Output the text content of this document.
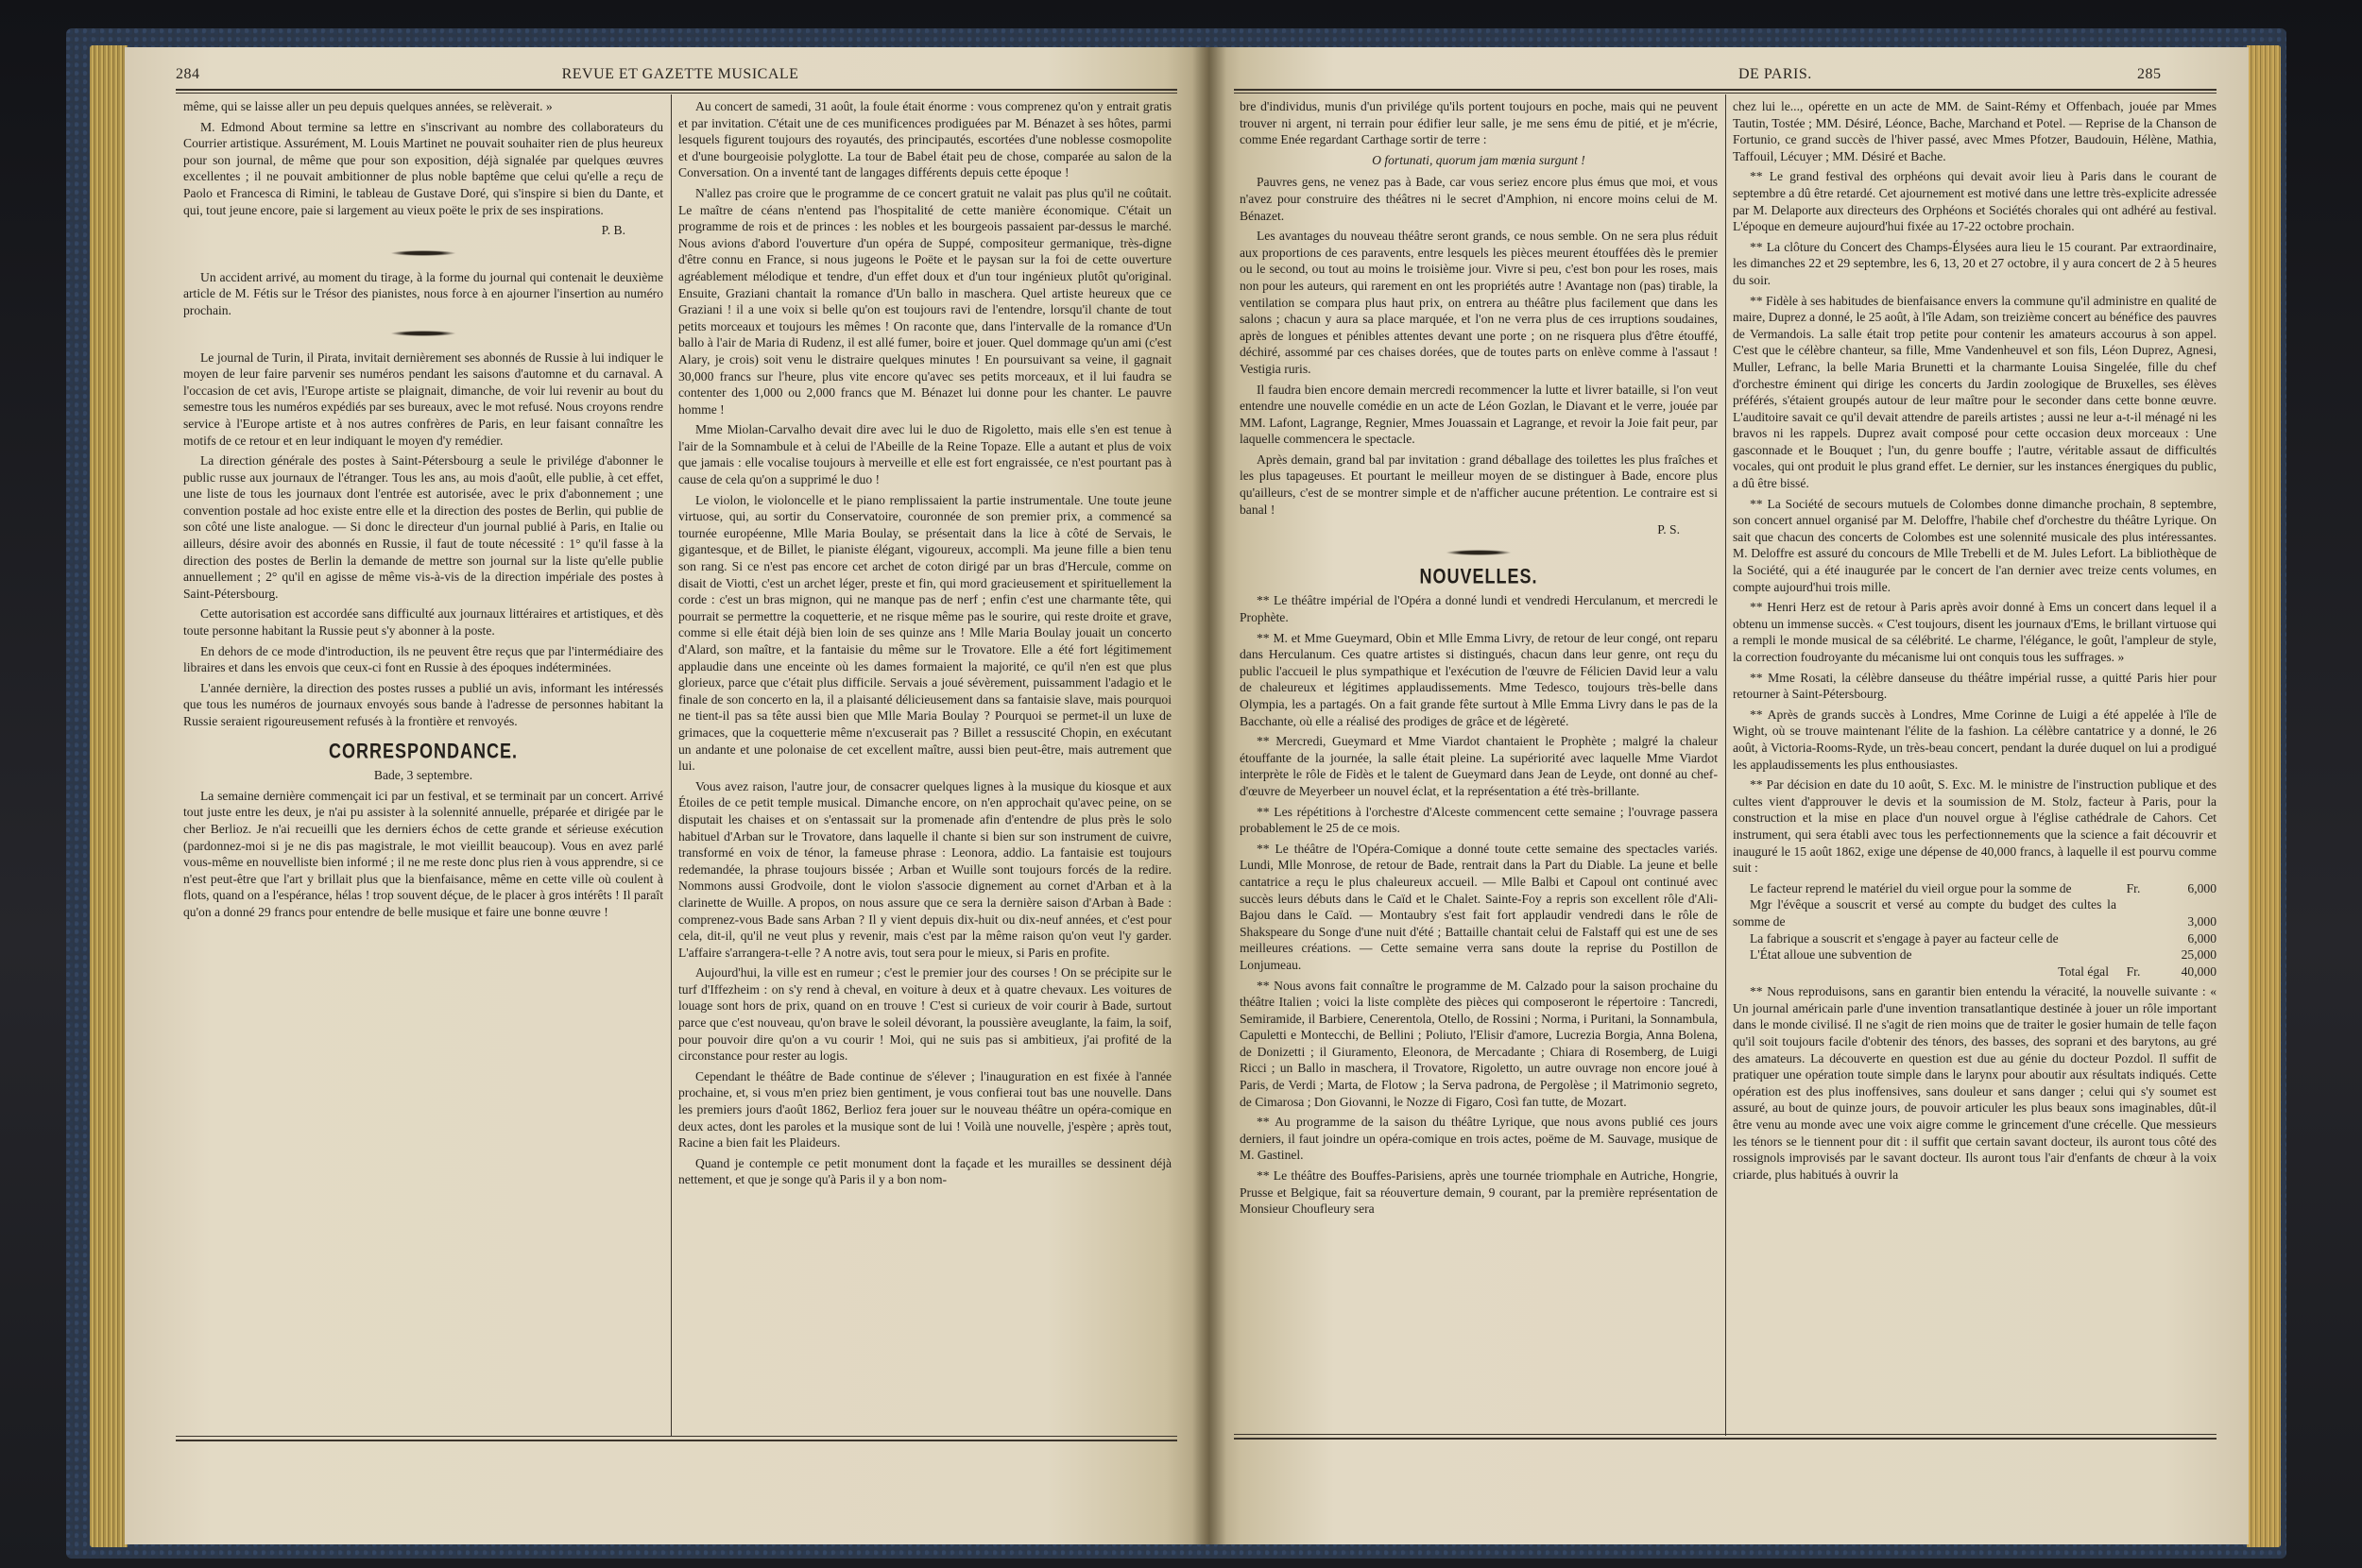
284	REVUE ET GAZETTE MUSICALE	DE PARIS.	285

même, qui se laisse aller un peu depuis quelques années, se relèverait. »

M. Edmond About termine sa lettre en s'inscrivant au nombre des collaborateurs du Courrier artistique. Assurément, M. Louis Martinet ne pouvait souhaiter rien de plus heureux pour son journal, de même que pour son exposition, déjà signalée par quelques œuvres excellentes ; il ne pouvait ambitionner de plus noble baptême que celui qu'elle a reçu de Paolo et Francesca di Rimini, le tableau de Gustave Doré, qui s'inspire si bien du Dante, et qui, tout jeune encore, paie si largement au vieux poëte le prix de ses inspirations.

P. B.

Un accident arrivé, au moment du tirage, à la forme du journal qui contenait le deuxième article de M. Fétis sur le Trésor des pianistes, nous force à en ajourner l'insertion au numéro prochain.

Le journal de Turin, il Pirata, invitait dernièrement ses abonnés de Russie à lui indiquer le moyen de leur faire parvenir ses numéros pendant les saisons d'automne et du carnaval. A l'occasion de cet avis, l'Europe artiste se plaignait, dimanche, de voir lui revenir au bout du semestre tous les numéros expédiés par ses bureaux, avec le mot refusé. Nous croyons rendre service à l'Europe artiste et à nos autres confrères de Paris, en leur faisant connaître les motifs de ce retour et en leur indiquant le moyen d'y remédier.

La direction générale des postes à Saint-Pétersbourg a seule le privilége d'abonner le public russe aux journaux de l'étranger. Tous les ans, au mois d'août, elle publie, à cet effet, une liste de tous les journaux dont l'entrée est autorisée, avec le prix d'abonnement ; une convention postale ad hoc existe entre elle et la direction des postes de Berlin, qui publie de son côté une liste analogue. — Si donc le directeur d'un journal publié à Paris, en Italie ou ailleurs, désire avoir des abonnés en Russie, il faut de toute nécessité : 1° qu'il fasse à la direction des postes de Berlin la demande de mettre son journal sur la liste qu'elle publie annuellement ; 2° qu'il en agisse de même vis-à-vis de la direction impériale des postes à Saint-Pétersbourg.

Cette autorisation est accordée sans difficulté aux journaux littéraires et artistiques, et dès toute personne habitant la Russie peut s'y abonner à la poste.

En dehors de ce mode d'introduction, ils ne peuvent être reçus que par l'intermédiaire des libraires et dans les envois que ceux-ci font en Russie à des époques indéterminées.

L'année dernière, la direction des postes russes a publié un avis, informant les intéressés que tous les numéros de journaux envoyés sous bande à l'adresse de personnes habitant la Russie seraient rigoureusement refusés à la frontière et renvoyés.

CORRESPONDANCE.

Bade, 3 septembre.

La semaine dernière commençait ici par un festival, et se terminait par un concert. Arrivé tout juste entre les deux, je n'ai pu assister à la solennité annuelle, préparée et dirigée par le cher Berlioz. Je n'ai recueilli que les derniers échos de cette grande et sérieuse exécution (pardonnez-moi si je ne dis pas magistrale, le mot vieillit beaucoup). Vous en avez parlé vous-même en nouvelliste bien informé ; il ne me reste donc plus rien à vous apprendre, si ce n'est peut-être que l'art y brillait plus que la bienfaisance, même en cette ville où coulent à flots, quand on a l'espérance, hélas ! trop souvent déçue, de le placer à gros intérêts ! Il paraît qu'on a donné 29 francs pour entendre de belle musique et faire une bonne œuvre !

Au concert de samedi, 31 août, la foule était énorme : vous comprenez qu'on y entrait gratis et par invitation. C'était une de ces munificences prodiguées par M. Bénazet à ses hôtes, parmi lesquels figurent toujours des royautés, des principautés, escortées d'une noblesse cosmopolite et d'une bourgeoisie polyglotte. La tour de Babel était peu de chose, comparée au salon de la Conversation. On a inventé tant de langages différents depuis cette époque !

N'allez pas croire que le programme de ce concert gratuit ne valait pas plus qu'il ne coûtait. Le maître de céans n'entend pas l'hospitalité de cette manière économique. C'était un programme de rois et de princes : les nobles et les bourgeois passaient par-dessus le marché. Nous avions d'abord l'ouverture d'un opéra de Suppé, compositeur germanique, très-digne d'être connu en France, si nous jugeons le Poëte et le paysan sur la foi de cette ouverture agréablement mélodique et tendre, d'un effet doux et d'un tour ingénieux plutôt qu'original. Ensuite, Graziani chantait la romance d'Un ballo in maschera. Quel artiste heureux que ce Graziani ! il a une voix si belle qu'on est toujours ravi de l'entendre, lorsqu'il chante de tout petits morceaux et toujours les mêmes ! On raconte que, dans l'intervalle de la romance d'Un ballo à l'air de Maria di Rudenz, il est allé fumer, boire et jouer. Quel dommage qu'un ami (c'est Alary, je crois) soit venu le distraire quelques minutes ! En poursuivant sa veine, il gagnait 30,000 francs sur l'heure, plus vite encore qu'avec ses petits morceaux, et il lui faudra se contenter des 1,000 ou 2,000 francs que M. Bénazet lui donne pour les chanter. Le pauvre homme !

Mme Miolan-Carvalho devait dire avec lui le duo de Rigoletto, mais elle s'en est tenue à l'air de la Somnambule et à celui de l'Abeille de la Reine Topaze. Elle a autant et plus de voix que jamais : elle vocalise toujours à merveille et elle est fort engraissée, ce n'est pourtant pas à cause de cela qu'on a supprimé le duo !

Le violon, le violoncelle et le piano remplissaient la partie instrumentale. Une toute jeune virtuose, qui, au sortir du Conservatoire, couronnée de son premier prix, a commencé sa tournée européenne, Mlle Maria Boulay, se présentait dans la lice à côté de Servais, le gigantesque, et de Billet, le pianiste élégant, vigoureux, accompli. Ma jeune fille a bien tenu son rang. Si ce n'est pas encore cet archet de coton dirigé par un bras d'Hercule, comme on disait de Viotti, c'est un archet léger, preste et fin, qui mord gracieusement et spirituellement la corde : c'est un bras mignon, qui ne manque pas de nerf ; enfin c'est une charmante tête, qui pourrait se permettre la coquetterie, et ne risque même pas le sourire, qui reste droite et grave, comme si elle était déjà bien loin de ses quinze ans ! Mlle Maria Boulay jouait un concerto d'Alard, son maître, et la fantaisie du même sur le Trovatore. Elle a été fort légitimement applaudie dans une enceinte où les dames formaient la majorité, ce qu'il n'en est que plus glorieux, parce que c'était plus difficile. Servais a joué sévèrement, puissamment l'adagio et le finale de son concerto en la, il a plaisanté délicieusement dans sa fantaisie slave, mais pourquoi ne tient-il pas sa tête aussi bien que Mlle Maria Boulay ? Pourquoi se permet-il un luxe de grimaces, que la coquetterie même n'excuserait pas ? Billet a ressuscité Chopin, en exécutant un andante et une polonaise de cet excellent maître, aussi bien peut-être, mais autrement que lui.

Vous avez raison, l'autre jour, de consacrer quelques lignes à la musique du kiosque et aux Étoiles de ce petit temple musical. Dimanche encore, on n'en approchait qu'avec peine, on se disputait les chaises et on s'entassait sur la promenade afin d'entendre de plus près le solo habituel d'Arban sur le Trovatore, dans laquelle il chante si bien sur son instrument de cuivre, transformé en voix de ténor, la fameuse phrase : Leonora, addio. La fantaisie est toujours redemandée, la phrase toujours bissée ; Arban et Wuille sont toujours forcés de la redire. Nommons aussi Grodvoile, dont le violon s'associe dignement au cornet d'Arban et à la clarinette de Wuille. A propos, on nous assure que ce sera la dernière saison d'Arban à Bade : comprenez-vous Bade sans Arban ? Il y vient depuis dix-huit ou dix-neuf années, et c'est pour cela, dit-il, qu'il ne veut plus y revenir, mais c'est par la même raison qu'on veut l'y garder. L'affaire s'arrangera-t-elle ? A notre avis, tout sera pour le mieux, si Paris en profite.

Aujourd'hui, la ville est en rumeur ; c'est le premier jour des courses ! On se précipite sur le turf d'Iffezheim : on s'y rend à cheval, en voiture à deux et à quatre chevaux. Les voitures de louage sont hors de prix, quand on en trouve ! C'est si curieux de voir courir à Bade, surtout parce que c'est nouveau, qu'on brave le soleil dévorant, la poussière aveuglante, la faim, la soif, pour pouvoir dire qu'on a vu courir ! Moi, qui ne suis pas si ambitieux, j'ai profité de la circonstance pour rester au logis.

Cependant le théâtre de Bade continue de s'élever ; l'inauguration en est fixée à l'année prochaine, et, si vous m'en priez bien gentiment, je vous confierai tout bas une nouvelle. Dans les premiers jours d'août 1862, Berlioz fera jouer sur le nouveau théâtre un opéra-comique en deux actes, dont les paroles et la musique sont de lui ! Voilà une nouvelle, j'espère ; après tout, Racine a bien fait les Plaideurs.

Quand je contemple ce petit monument dont la façade et les murailles se dessinent déjà nettement, et que je songe qu'à Paris il y a bon nom-

bre d'individus, munis d'un privilége qu'ils portent toujours en poche, mais qui ne peuvent trouver ni argent, ni terrain pour édifier leur salle, je me sens ému de pitié, et je m'écrie, comme Enée regardant Carthage sortir de terre :

O fortunati, quorum jam mœnia surgunt !

Pauvres gens, ne venez pas à Bade, car vous seriez encore plus émus que moi, et vous n'avez pour construire des théâtres ni le secret d'Amphion, ni encore moins celui de M. Bénazet.

Les avantages du nouveau théâtre seront grands, ce nous semble. On ne sera plus réduit aux proportions de ces paravents, entre lesquels les pièces meurent étouffées dès le premier ou le second, ou tout au moins le troisième jour. Vivre si peu, c'est bon pour les roses, mais non pour les auteurs, qui rarement en ont les propriétés autre ! Avantage non (pas) tirable, la ventilation se compara plus haut prix, on entrera au théâtre plus facilement que dans les salons ; chacun y aura sa place marquée, et l'on ne verra plus de ces irruptions soudaines, après de longues et pénibles attentes devant une porte ; on ne risquera plus d'être étouffé, déchiré, assommé par ces chaises dorées, que de toutes parts on enlève comme à l'assaut ! Vestigia ruris.

Il faudra bien encore demain mercredi recommencer la lutte et livrer bataille, si l'on veut entendre une nouvelle comédie en un acte de Léon Gozlan, le Diavant et le verre, jouée par MM. Lafont, Lagrange, Regnier, Mmes Jouassain et Lagrange, et revoir la Joie fait peur, par laquelle commencera le spectacle.

Après demain, grand bal par invitation : grand déballage des toilettes les plus fraîches et les plus tapageuses. Et pourtant le meilleur moyen de se distinguer à Bade, encore plus qu'ailleurs, c'est de se montrer simple et de n'afficher aucune prétention. Le contraire est si banal !

P. S.

NOUVELLES.

** Le théâtre impérial de l'Opéra a donné lundi et vendredi Herculanum, et mercredi le Prophète.

** M. et Mme Gueymard, Obin et Mlle Emma Livry, de retour de leur congé, ont reparu dans Herculanum. Ces quatre artistes si distingués, chacun dans leur genre, ont reçu du public l'accueil le plus sympathique et l'exécution de l'œuvre de Félicien David leur a valu de chaleureux et légitimes applaudissements. Mme Tedesco, toujours très-belle dans Olympia, les a partagés. On a fait grande fête surtout à Mlle Emma Livry dans le pas de la Bacchante, où elle a réalisé des prodiges de grâce et de légèreté.

** Mercredi, Gueymard et Mme Viardot chantaient le Prophète ; malgré la chaleur étouffante de la journée, la salle était pleine. La supériorité avec laquelle Mme Viardot interprète le rôle de Fidès et le talent de Gueymard dans Jean de Leyde, ont donné au chef-d'œuvre de Meyerbeer un nouvel éclat, et la représentation a été très-brillante.

** Les répétitions à l'orchestre d'Alceste commencent cette semaine ; l'ouvrage passera probablement le 25 de ce mois.

** Le théâtre de l'Opéra-Comique a donné toute cette semaine des spectacles variés. Lundi, Mlle Monrose, de retour de Bade, rentrait dans la Part du Diable. La jeune et belle cantatrice a reçu le plus chaleureux accueil. — Mlle Balbi et Capoul ont continué avec succès leurs débuts dans le Caïd et le Chalet. Sainte-Foy a repris son excellent rôle d'Ali-Bajou dans le Caïd. — Montaubry s'est fait fort applaudir vendredi dans le rôle de Shakspeare du Songe d'une nuit d'été ; Battaille chantait celui de Falstaff qui est une de ses meilleures créations. — Cette semaine verra sans doute la reprise du Postillon de Lonjumeau.

** Nous avons fait connaître le programme de M. Calzado pour la saison prochaine du théâtre Italien ; voici la liste complète des pièces qui composeront le répertoire : Tancredi, Semiramide, il Barbiere, Cenerentola, Otello, de Rossini ; Norma, i Puritani, la Sonnambula, Capuletti e Montecchi, de Bellini ; Poliuto, l'Elisir d'amore, Lucrezia Borgia, Anna Bolena, de Donizetti ; il Giuramento, Eleonora, de Mercadante ; Chiara di Rosemberg, de Luigi Ricci ; un Ballo in maschera, il Trovatore, Rigoletto, un autre ouvrage non encore joué à Paris, de Verdi ; Marta, de Flotow ; la Serva padrona, de Pergolèse ; il Matrimonio segreto, de Cimarosa ; Don Giovanni, le Nozze di Figaro, Così fan tutte, de Mozart.

** Au programme de la saison du théâtre Lyrique, que nous avons publié ces jours derniers, il faut joindre un opéra-comique en trois actes, poëme de M. Sauvage, musique de M. Gastinel.

** Le théâtre des Bouffes-Parisiens, après une tournée triomphale en Autriche, Hongrie, Prusse et Belgique, fait sa réouverture demain, 9 courant, par la première représentation de Monsieur Choufleury sera

chez lui le..., opérette en un acte de MM. de Saint-Rémy et Offenbach, jouée par Mmes Tautin, Tostée ; MM. Désiré, Léonce, Bache, Marchand et Potel. — Reprise de la Chanson de Fortunio, ce grand succès de l'hiver passé, avec Mmes Pfotzer, Baudouin, Hélène, Mathia, Taffouil, Lécuyer ; MM. Désiré et Bache.

** Le grand festival des orphéons qui devait avoir lieu à Paris dans le courant de septembre a dû être retardé. Cet ajournement est motivé dans une lettre très-explicite adressée par M. Delaporte aux directeurs des Orphéons et Sociétés chorales qui ont adhéré au festival. L'époque en demeure aujourd'hui fixée au 17-22 octobre prochain.

** La clôture du Concert des Champs-Élysées aura lieu le 15 courant. Par extraordinaire, les dimanches 22 et 29 septembre, les 6, 13, 20 et 27 octobre, il y aura concert de 2 à 5 heures du soir.

** Fidèle à ses habitudes de bienfaisance envers la commune qu'il administre en qualité de maire, Duprez a donné, le 25 août, à l'île Adam, son treizième concert au bénéfice des pauvres de Vermandois. La salle était trop petite pour contenir les amateurs accourus à son appel. C'est que le célèbre chanteur, sa fille, Mme Vandenheuvel et son fils, Léon Duprez, Agnesi, Muller, Lefranc, la belle Maria Brunetti et la charmante Louisa Singelée, fille du chef d'orchestre éminent qui dirige les concerts du Jardin zoologique de Bruxelles, ses élèves préférés, s'étaient groupés autour de leur maître pour le seconder dans cette bonne œuvre. L'auditoire savait ce qu'il devait attendre de pareils artistes ; aussi ne leur a-t-il ménagé ni les bravos ni les rappels. Duprez avait composé pour cette occasion deux morceaux : Une gasconnade et le Bouquet ; l'un, du genre bouffe ; l'autre, véritable assaut de difficultés vocales, qui ont produit le plus grand effet. Le dernier, sur les instances énergiques du public, a dû être bissé.

** La Société de secours mutuels de Colombes donne dimanche prochain, 8 septembre, son concert annuel organisé par M. Deloffre, l'habile chef d'orchestre du théâtre Lyrique. On sait que chacun des concerts de Colombes est une solennité musicale des plus intéressantes. M. Deloffre est assuré du concours de Mlle Trebelli et de M. Jules Lefort. La bibliothèque de la Société, qui a été inaugurée par le concert de l'an dernier avec treize cents volumes, en compte aujourd'hui trois mille.

** Henri Herz est de retour à Paris après avoir donné à Ems un concert dans lequel il a obtenu un immense succès. « C'est toujours, disent les journaux d'Ems, le brillant virtuose qui a rempli le monde musical de sa célébrité. Le charme, l'élégance, le goût, l'ampleur de style, la correction foudroyante du mécanisme lui ont conquis tous les suffrages. »

** Mme Rosati, la célèbre danseuse du théâtre impérial russe, a quitté Paris hier pour retourner à Saint-Pétersbourg.

** Après de grands succès à Londres, Mme Corinne de Luigi a été appelée à l'île de Wight, où se trouve maintenant l'élite de la fashion. La célèbre cantatrice y a donné, le 26 août, à Victoria-Rooms-Ryde, un très-beau concert, pendant la durée duquel on lui a prodigué les applaudissements les plus enthousiastes.

** Par décision en date du 10 août, S. Exc. M. le ministre de l'instruction publique et des cultes vient d'approuver le devis et la soumission de M. Stolz, facteur à Paris, pour la construction et la mise en place d'un nouvel orgue à l'église cathédrale de Cahors. Cet instrument, qui sera établi avec tous les perfectionnements que la science a fait découvrir et inauguré le 15 août 1862, exige une dépense de 40,000 francs, à laquelle il est pourvu comme suit :

Le facteur reprend le matériel du vieil orgue pour la somme de	Fr.	6,000
Mgr l'évêque a souscrit et versé au compte du budget des cultes la somme de		3,000
La fabrique a souscrit et s'engage à payer au facteur celle de		6,000
L'État alloue une subvention de		25,000
Total égal	Fr.	40,000

** Nous reproduisons, sans en garantir bien entendu la véracité, la nouvelle suivante : « Un journal américain parle d'une invention transatlantique destinée à jouer un rôle important dans le monde civilisé. Il ne s'agit de rien moins que de traiter le gosier humain de telle façon qu'il soit toujours facile d'obtenir des ténors, des basses, des soprani et des barytons, au gré des amateurs. La découverte en question est due au génie du docteur Pozdol. Il suffit de pratiquer une opération toute simple dans le larynx pour aboutir aux résultats indiqués. Cette opération est des plus inoffensives, sans douleur et sans danger ; celui qui s'y soumet est assuré, au bout de quinze jours, de pouvoir articuler les plus beaux sons imaginables, dût-il être venu au monde avec une voix aigre comme le grincement d'une crécelle. Que messieurs les ténors se le tiennent pour dit : il suffit que certain savant docteur, ils auront tous côté des rossignols improvisés par le savant docteur. Ils auront tous l'air d'enfants de chœur à la voix criarde, plus habitués à ouvrir la
